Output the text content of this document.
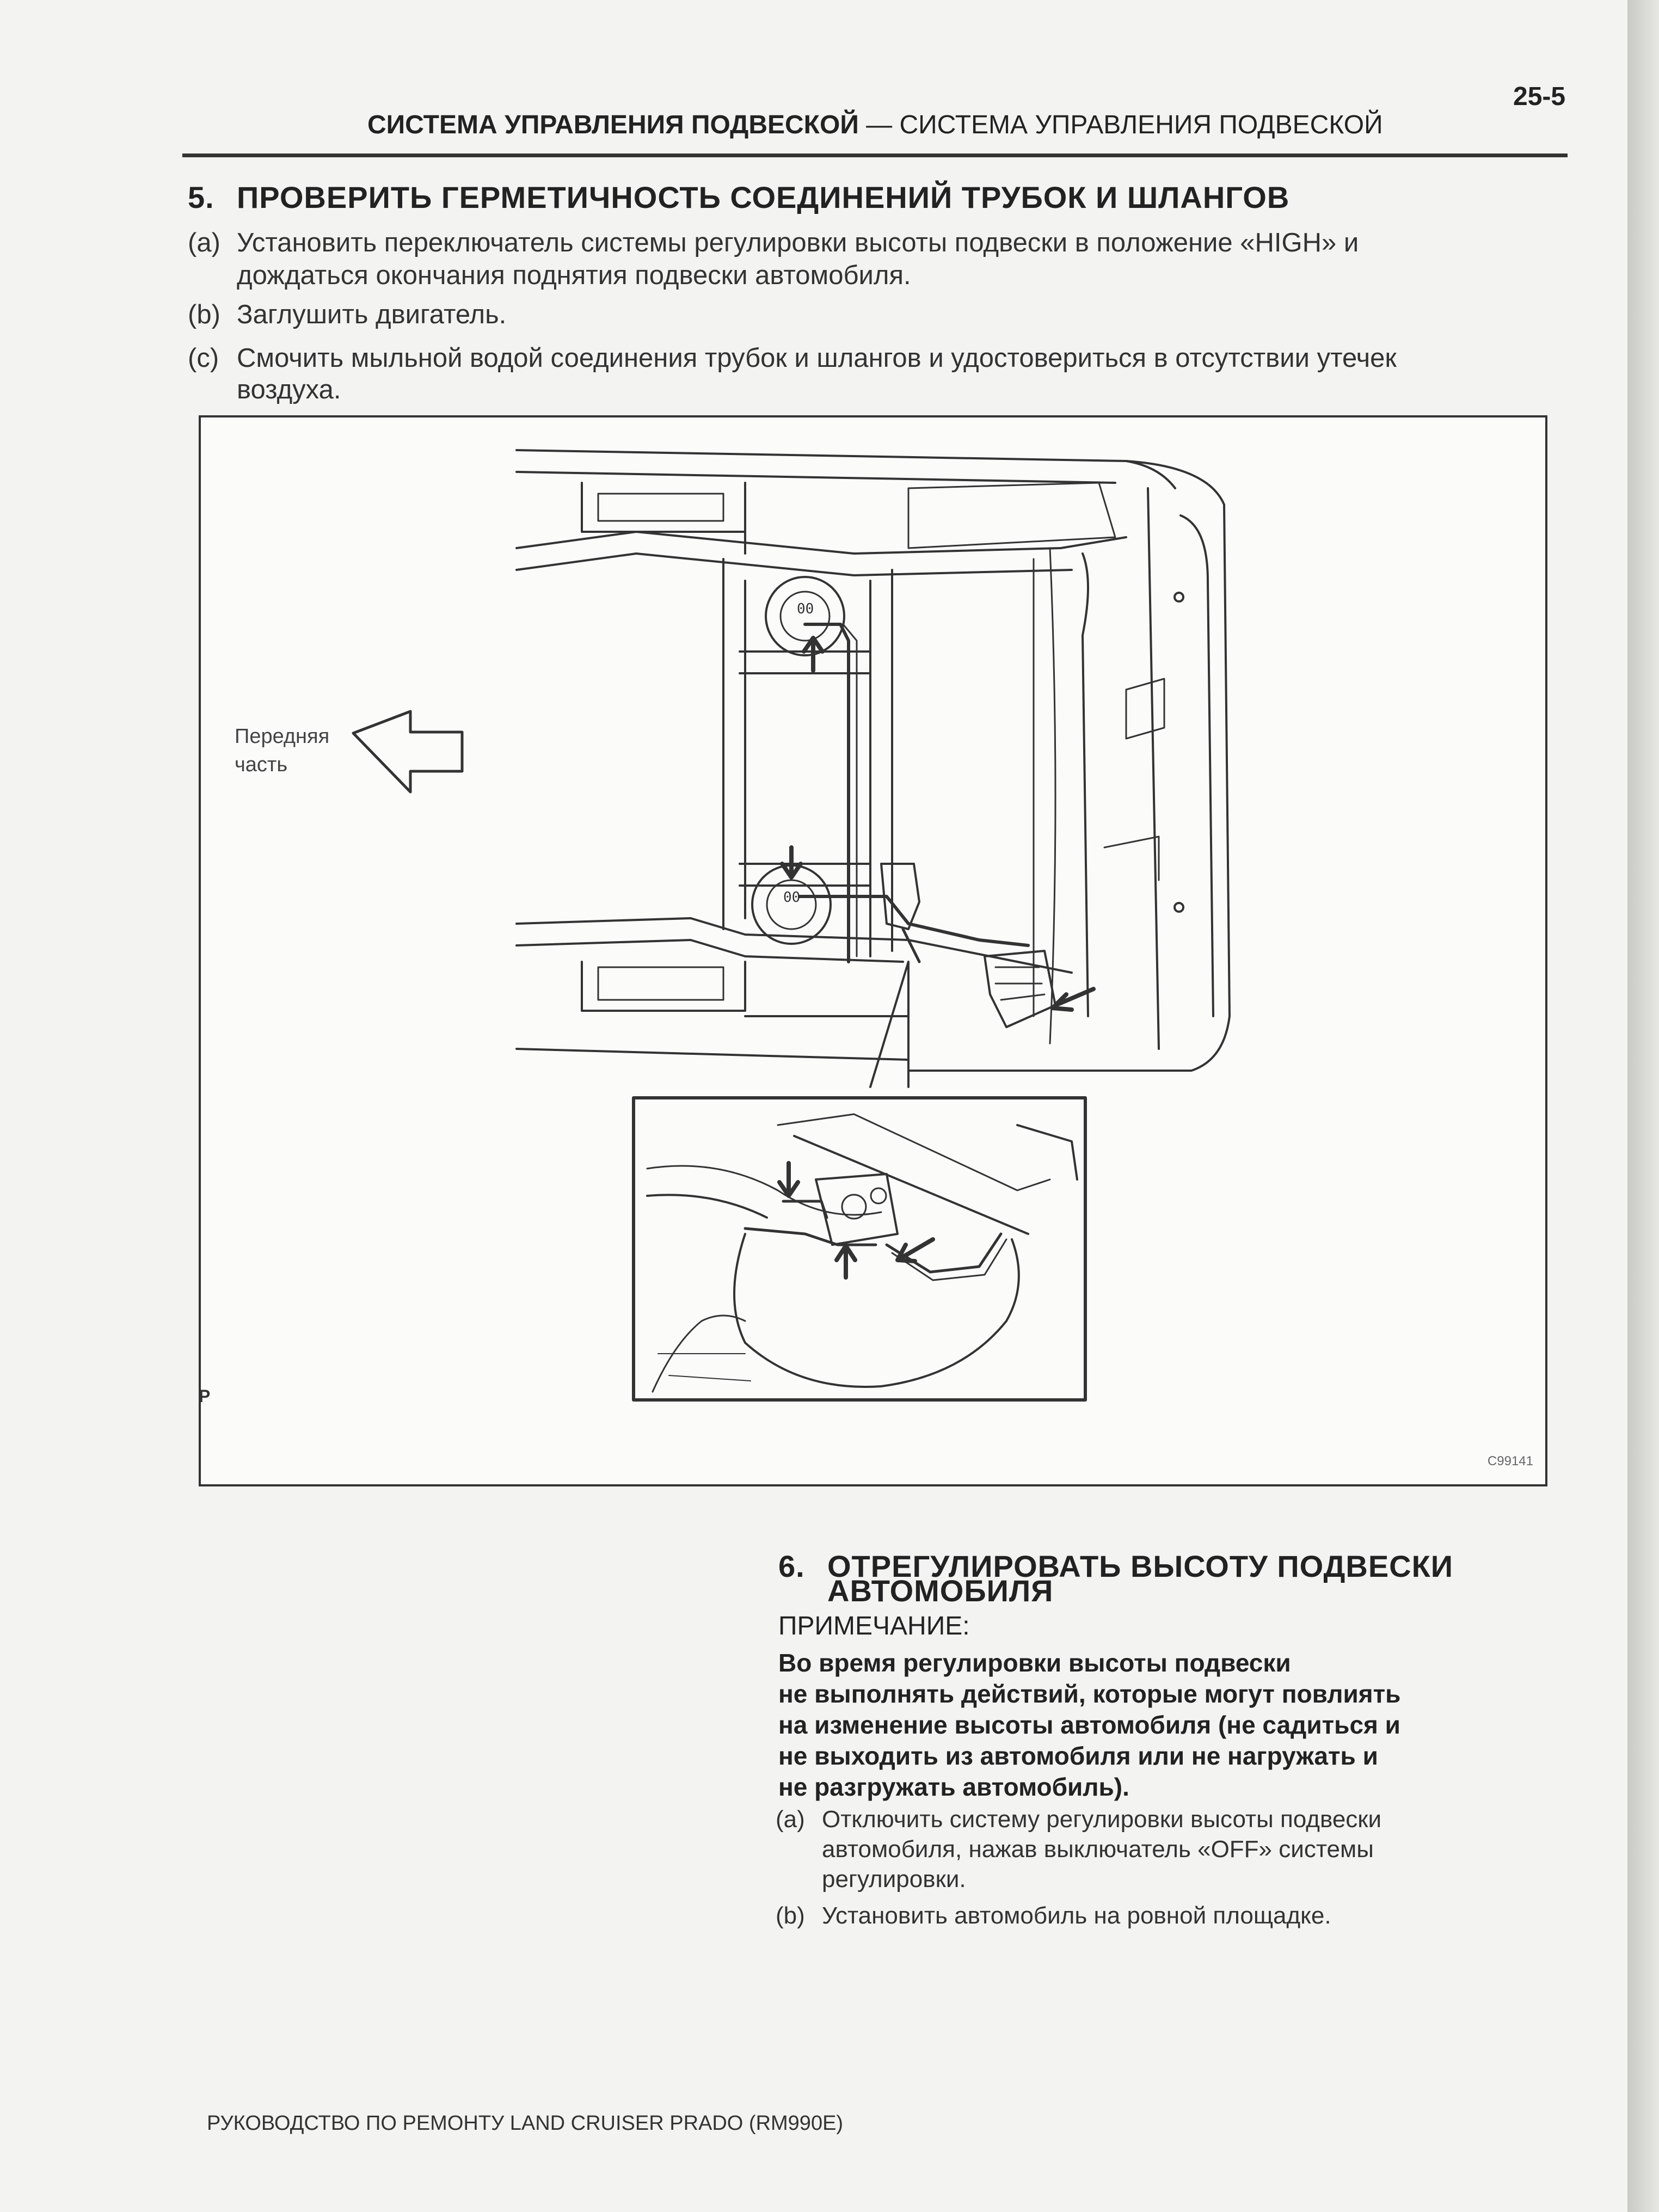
25-5
СИСТЕМА УПРАВЛЕНИЯ ПОДВЕСКОЙ — СИСТЕМА УПРАВЛЕНИЯ ПОДВЕСКОЙ
5. ПРОВЕРИТЬ ГЕРМЕТИЧНОСТЬ СОЕДИНЕНИЙ ТРУБОК И ШЛАНГОВ
(a) Установить переключатель системы регулировки высоты подвески в положение «HIGH» и
дождаться окончания поднятия подвески автомобиля.
(b) Заглушить двигатель.
(c) Смочить мыльной водой соединения трубок и шлангов и удостовериться в отсутствии утечек
воздуха.
00
00
Передняя
часть
P
C99141
6. ОТРЕГУЛИРОВАТЬ ВЫСОТУ ПОДВЕСКИ
АВТОМОБИЛЯ
ПРИМЕЧАНИЕ:
Во время регулировки высоты подвески
не выполнять действий, которые могут повлиять
на изменение высоты автомобиля (не садиться и
не выходить из автомобиля или не нагружать и
не разгружать автомобиль).
(a) Отключить систему регулировки высоты подвески
автомобиля, нажав выключатель «OFF» системы
регулировки.
(b) Установить автомобиль на ровной площадке.
РУКОВОДСТВО ПО РЕМОНТУ LAND CRUISER PRADO (RM990E)
